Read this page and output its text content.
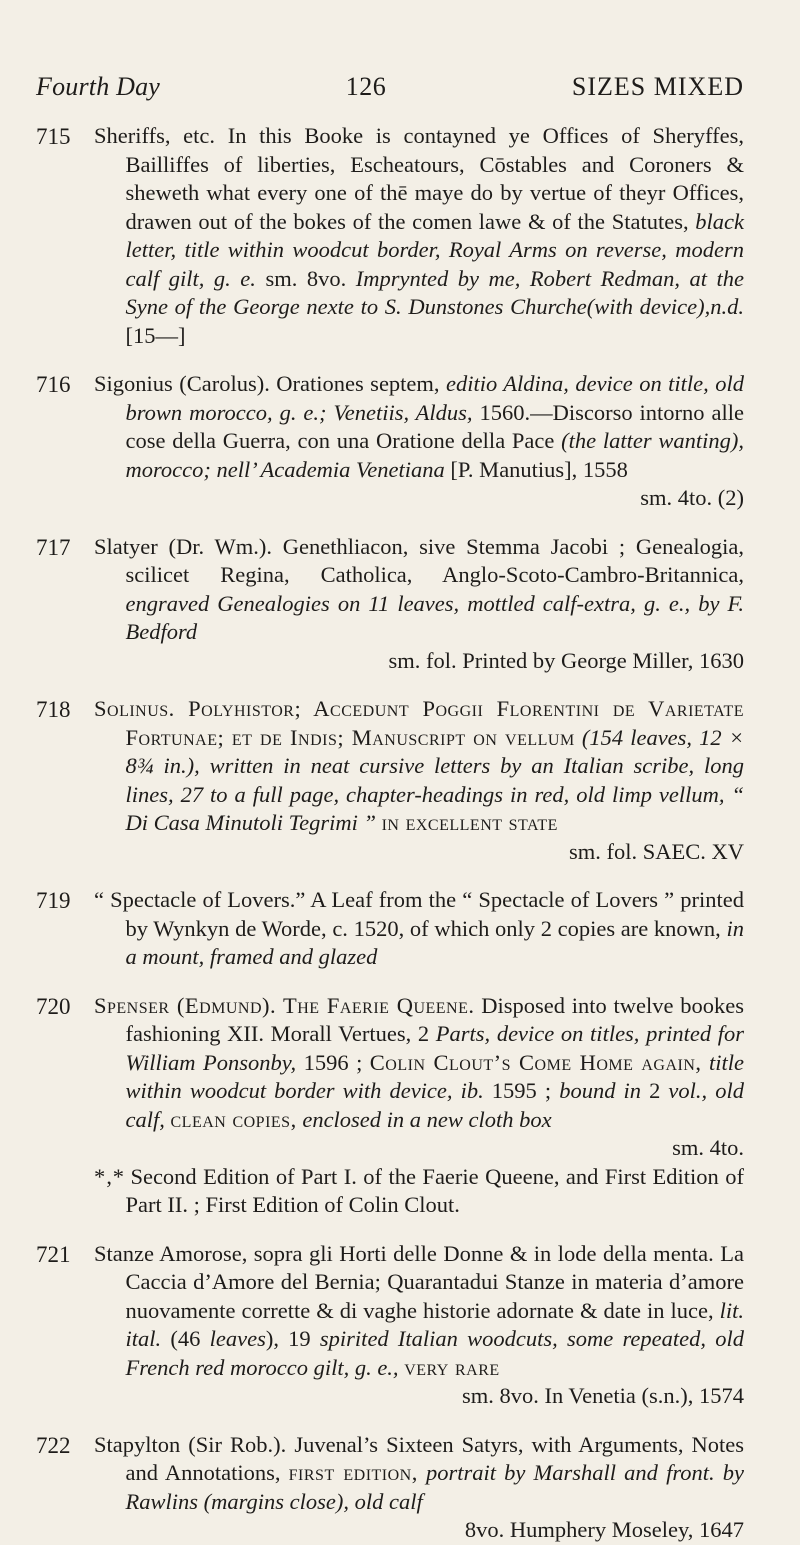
Fourth Day	126	SIZES MIXED
715	Sheriffs, etc. In this Booke is contayned ye Offices of Sheryffes, Bailliffes of liberties, Escheatours, Cōstables and Coroners & sheweth what every one of thē maye do by vertue of theyr Offices, drawen out of the bokes of the comen lawe & of the Statutes, black letter, title within woodcut border, Royal Arms on reverse, modern calf gilt, g. e. sm. 8vo. Imprynted by me, Robert Redman, at the Syne of the George nexte to S. Dunstones Churche(with device),n.d.[15—]
716	Sigonius (Carolus). Orationes septem, editio Aldina, device on title, old brown morocco, g. e.; Venetiis, Aldus, 1560.—Discorso intorno alle cose della Guerra, con una Oratione della Pace (the latter wanting), morocco; nell’ Academia Venetiana [P. Manutius], 1558
sm. 4to. (2)
717	Slatyer (Dr. Wm.). Genethliacon, sive Stemma Jacobi ; Genealogia, scilicet Regina, Catholica, Anglo-Scoto-Cambro-Britannica, engraved Genealogies on 11 leaves, mottled calf-extra, g. e., by F. Bedford
sm. fol. Printed by George Miller, 1630
718	Solinus. Polyhistor; Accedunt Poggii Florentini de Varietate Fortunae; et de Indis; Manuscript on vellum (154 leaves, 12 × 8¾ in.), written in neat cursive letters by an Italian scribe, long lines, 27 to a full page, chapter-headings in red, old limp vellum, “ Di Casa Minutoli Tegrimi ” in excellent state
sm. fol. SAEC. XV
719	“ Spectacle of Lovers.” A Leaf from the “ Spectacle of Lovers ” printed by Wynkyn de Worde, c. 1520, of which only 2 copies are known, in a mount, framed and glazed
720	Spenser (Edmund). The Faerie Queene. Disposed into twelve bookes fashioning XII. Morall Vertues, 2 Parts, device on titles, printed for William Ponsonby, 1596 ; Colin Clout’s Come Home again, title within woodcut border with device, ib. 1595 ; bound in 2 vol., old calf, clean copies, enclosed in a new cloth box
sm. 4to.
*‚* Second Edition of Part I. of the Faerie Queene, and First Edition of Part II. ; First Edition of Colin Clout.
721	Stanze Amorose, sopra gli Horti delle Donne & in lode della menta. La Caccia d’Amore del Bernia; Quarantadui Stanze in materia d’amore nuovamente corrette & di vaghe historie adornate & date in luce, lit. ital. (46 leaves), 19 spirited Italian woodcuts, some repeated, old French red morocco gilt, g. e., very rare
sm. 8vo. In Venetia (s.n.), 1574
722	Stapylton (Sir Rob.). Juvenal’s Sixteen Satyrs, with Arguments, Notes and Annotations, first edition, portrait by Marshall and front. by Rawlins (margins close), old calf
8vo. Humphery Moseley, 1647
